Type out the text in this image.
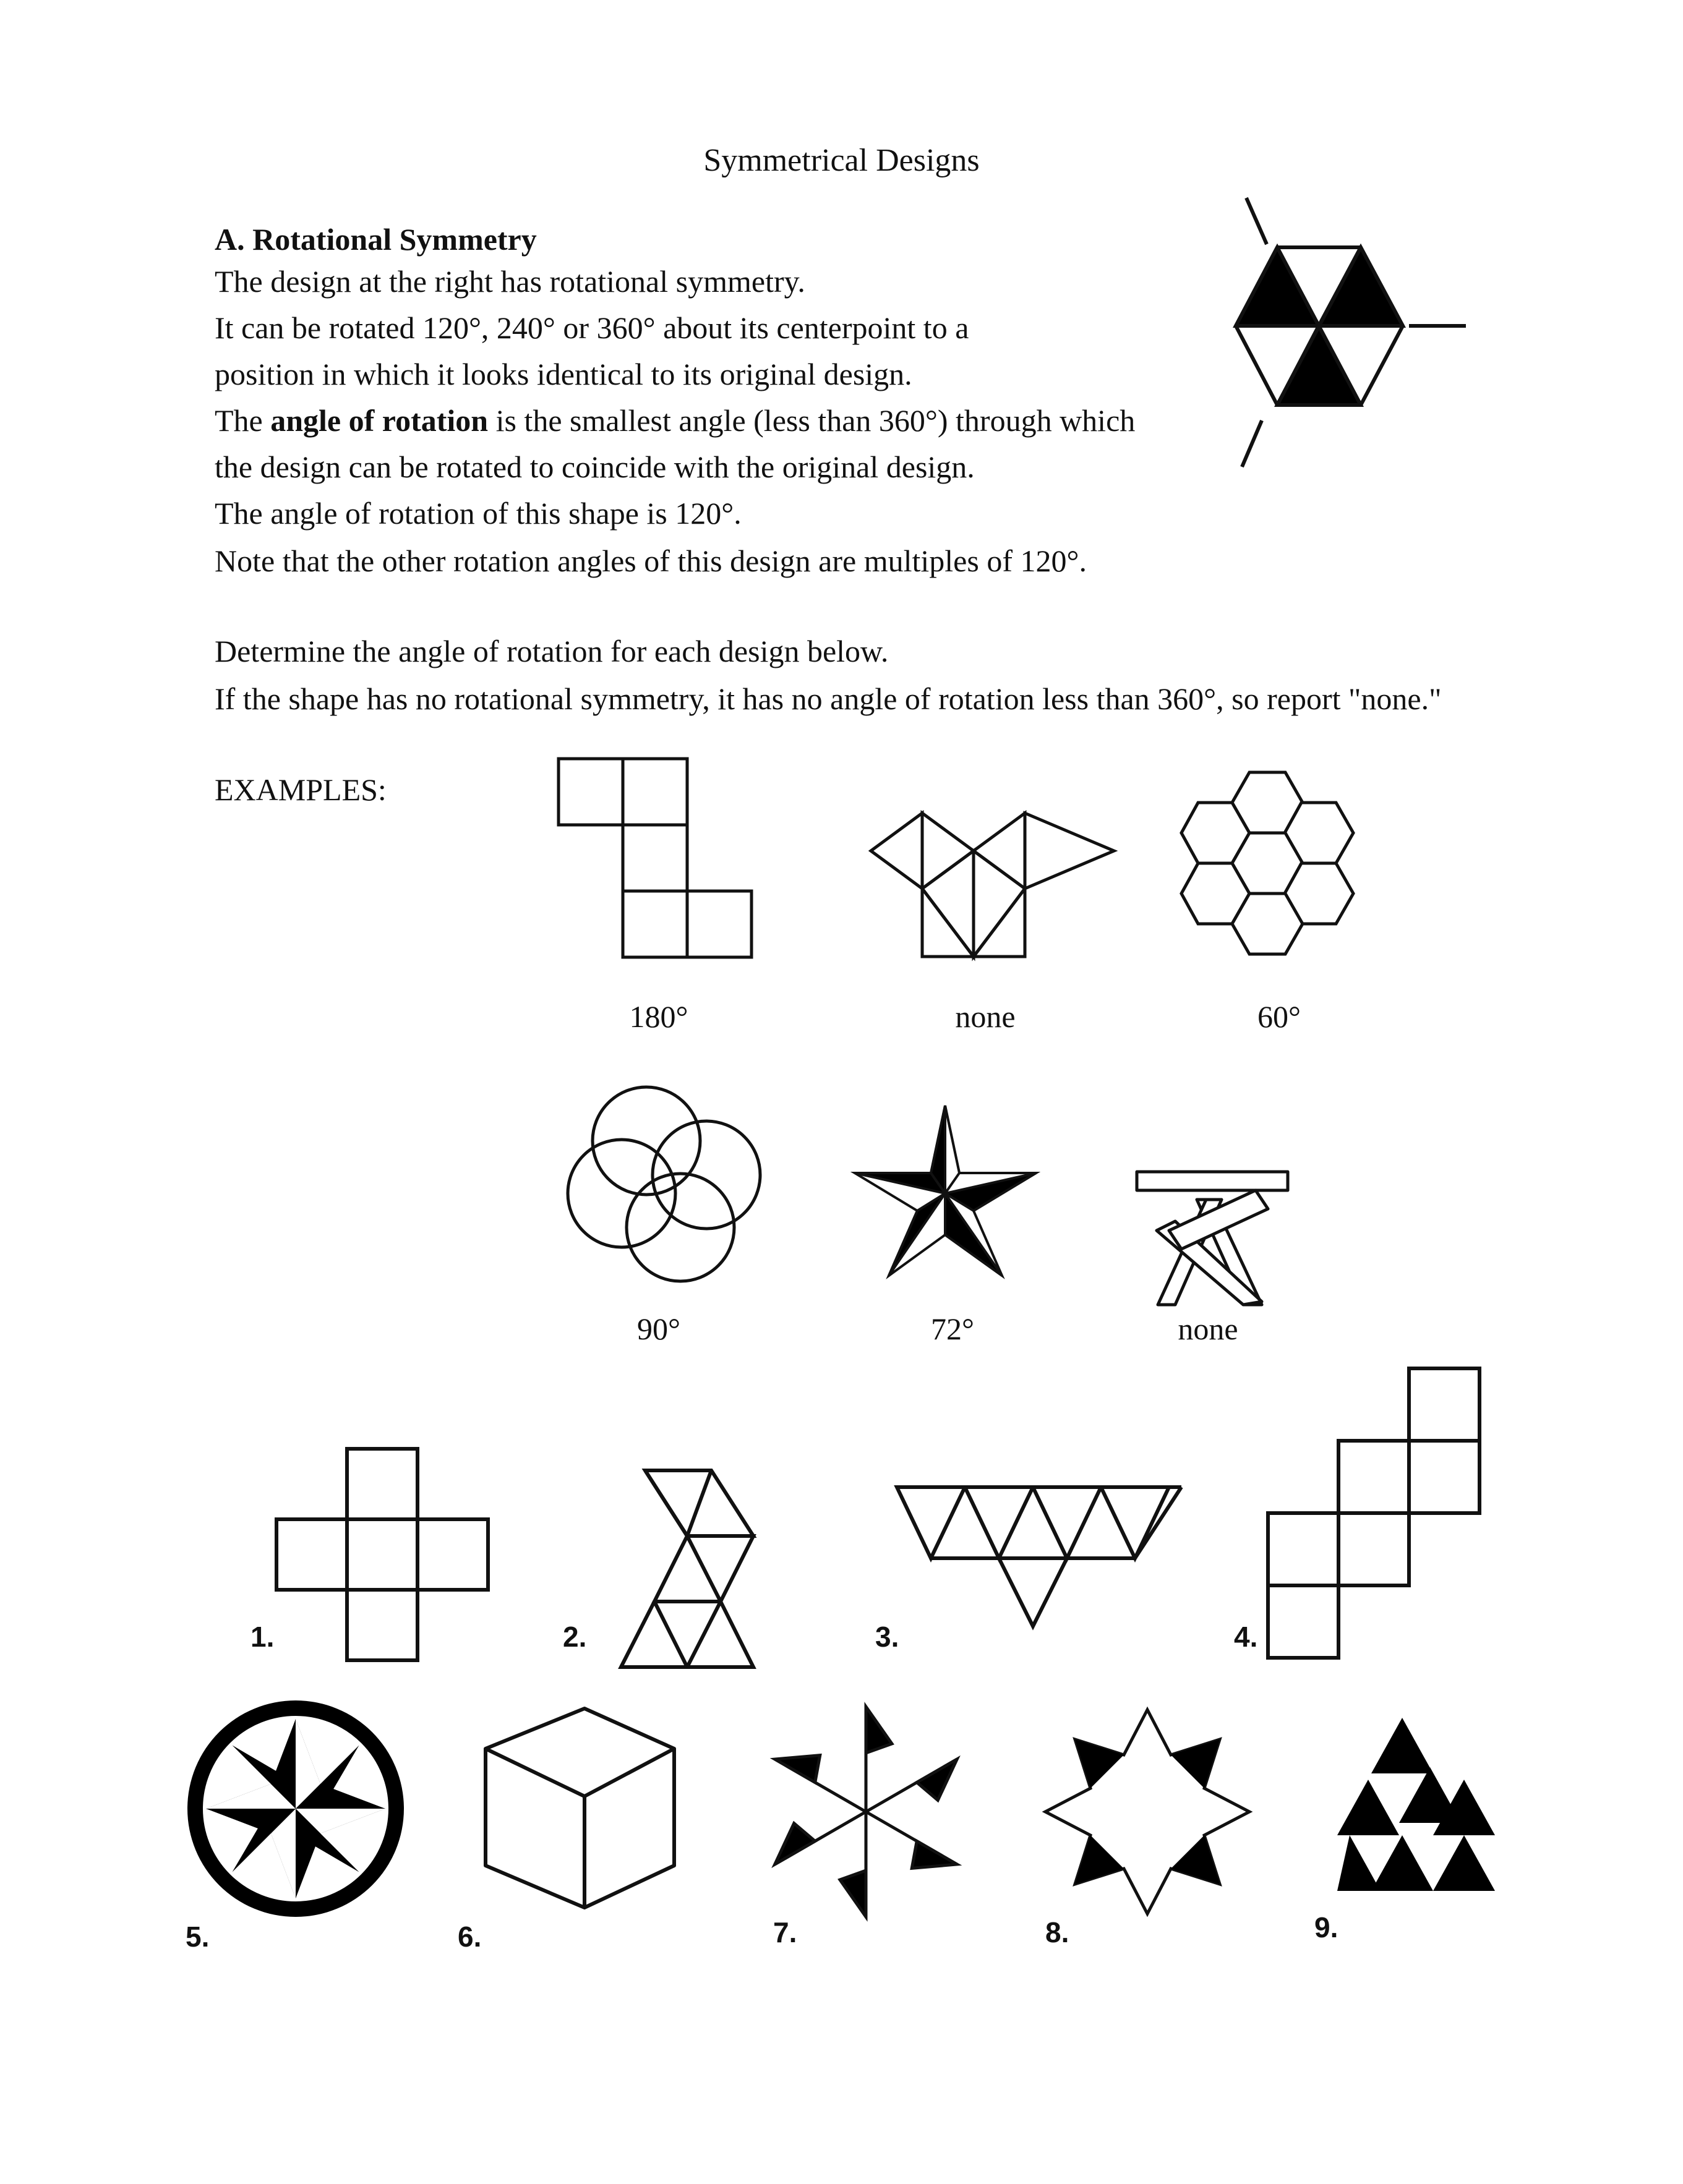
Symmetrical Designs
A. Rotational Symmetry
The design at the right has rotational symmetry.
It can be rotated 120°, 240° or 360° about its centerpoint to a
position in which it looks identical to its original design.
The angle of rotation is the smallest angle (less than 360°) through which
the design can be rotated to coincide with the original design.
The angle of rotation of this shape is 120°.
Note that the other rotation angles of this design are multiples of 120°.
Determine the angle of rotation for each design below.
If the shape has no rotational symmetry, it has no angle of rotation less than 360°, so report "none."
EXAMPLES:
180°	none	60°
90°	72°	none
1.	2.	3.	4.
5.	6.	7.	8.	9.
